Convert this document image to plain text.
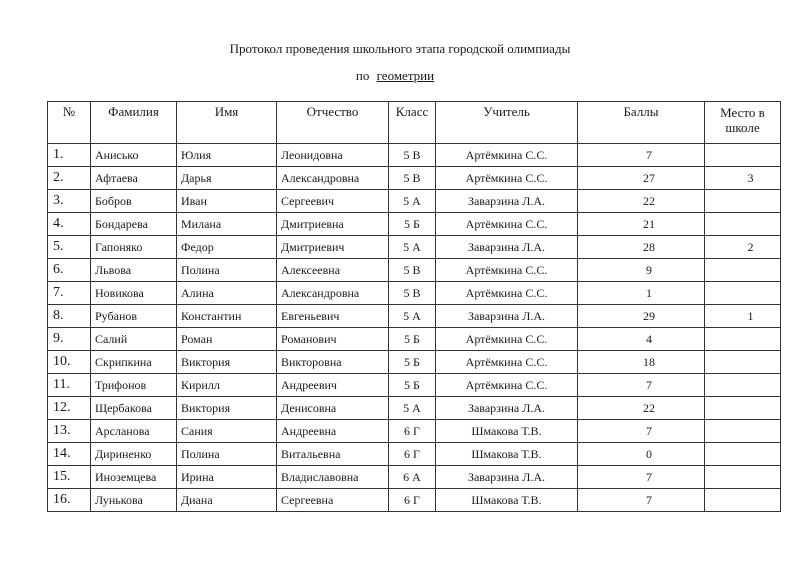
Протокол проведения школьного этапа городской олимпиады
по геометрии
№	Фамилия	Имя	Отчество	Класс	Учитель	Баллы	Место в школе
1.	Анисько	Юлия	Леонидовна	5 В	Артёмкина С.С.	7	
2.	Афтаева	Дарья	Александровна	5 В	Артёмкина С.С.	27	3
3.	Бобров	Иван	Сергеевич	5 А	Заварзина Л.А.	22	
4.	Бондарева	Милана	Дмитриевна	5 Б	Артёмкина С.С.	21	
5.	Гапоняко	Федор	Дмитриевич	5 А	Заварзина Л.А.	28	2
6.	Львова	Полина	Алексеевна	5 В	Артёмкина С.С.	9	
7.	Новикова	Алина	Александровна	5 В	Артёмкина С.С.	1	
8.	Рубанов	Константин	Евгеньевич	5 А	Заварзина Л.А.	29	1
9.	Салий	Роман	Романович	5 Б	Артёмкина С.С.	4	
10.	Скрипкина	Виктория	Викторовна	5 Б	Артёмкина С.С.	18	
11.	Трифонов	Кирилл	Андреевич	5 Б	Артёмкина С.С.	7	
12.	Щербакова	Виктория	Денисовна	5 А	Заварзина Л.А.	22	
13.	Арсланова	Сания	Андреевна	6 Г	Шмакова Т.В.	7	
14.	Дириненко	Полина	Витальевна	6 Г	Шмакова Т.В.	0	
15.	Иноземцева	Ирина	Владиславовна	6 А	Заварзина Л.А.	7	
16.	Лунькова	Диана	Сергеевна	6 Г	Шмакова Т.В.	7	
